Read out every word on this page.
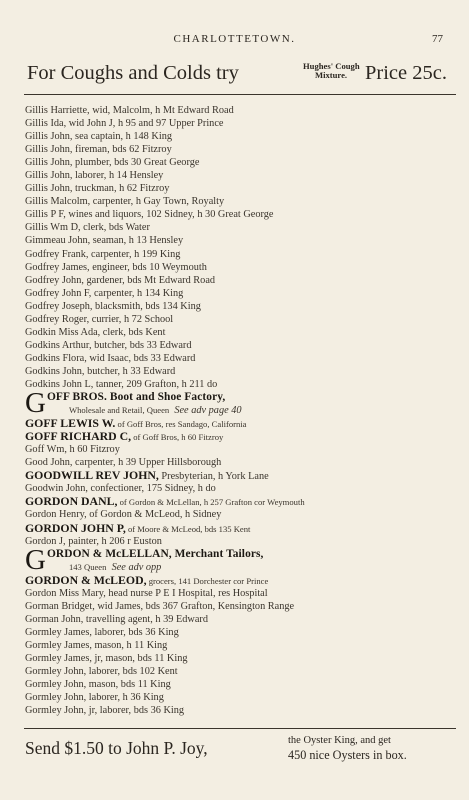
CHARLOTTETOWN.	77
For Coughs and Colds try	Hughes' Cough
Mixture. Price 25c.
Gillis Harriette, wid, Malcolm, h Mt Edward Road
Gillis Ida, wid John J, h 95 and 97 Upper Prince
Gillis John, sea captain, h 148 King
Gillis John, fireman, bds 62 Fitzroy
Gillis John, plumber, bds 30 Great George
Gillis John, laborer, h 14 Hensley
Gillis John, truckman, h 62 Fitzroy
Gillis Malcolm, carpenter, h Gay Town, Royalty
Gillis P F, wines and liquors, 102 Sidney, h 30 Great George
Gillis Wm D, clerk, bds Water
Gimmeau John, seaman, h 13 Hensley
Godfrey Frank, carpenter, h 199 King
Godfrey James, engineer, bds 10 Weymouth
Godfrey John, gardener, bds Mt Edward Road
Godfrey John F, carpenter, h 134 King
Godfrey Joseph, blacksmith, bds 134 King
Godfrey Roger, currier, h 72 School
Godkin Miss Ada, clerk, bds Kent
Godkins Arthur, butcher, bds 33 Edward
Godkins Flora, wid Isaac, bds 33 Edward
Godkins John, butcher, h 33 Edward
Godkins John L, tanner, 209 Grafton, h 211 do
GOFF BROS. Boot and Shoe Factory,
Wholesale and Retail, Queen See adv page 40
GOFF LEWIS W. of Goff Bros, res Sandago, California
GOFF RICHARD C, of Goff Bros, h 60 Fitzroy
Goff Wm, h 60 Fitzroy
Good John, carpenter, h 39 Upper Hillsborough
GOODWILL REV JOHN, Presbyterian, h York Lane
Goodwin John, confectioner, 175 Sidney, h do
GORDON DANL, of Gordon & McLellan, h 257 Grafton cor Weymouth
Gordon Henry, of Gordon & McLeod, h Sidney
GORDON JOHN P, of Moore & McLeod, bds 135 Kent
Gordon J, painter, h 206 r Euston
GORDON & McLELLAN, Merchant Tailors,
143 Queen See adv opp
GORDON & McLEOD, grocers, 141 Dorchester cor Prince
Gordon Miss Mary, head nurse P E I Hospital, res Hospital
Gorman Bridget, wid James, bds 367 Grafton, Kensington Range
Gorman John, travelling agent, h 39 Edward
Gormley James, laborer, bds 36 King
Gormley James, mason, h 11 King
Gormley James, jr, mason, bds 11 King
Gormley John, laborer, bds 102 Kent
Gormley John, mason, bds 11 King
Gormley John, laborer, h 36 King
Gormley John, jr, laborer, bds 36 King
Send $1.50 to John P. Joy,	the Oyster King, and get
450 nice Oysters in box.
